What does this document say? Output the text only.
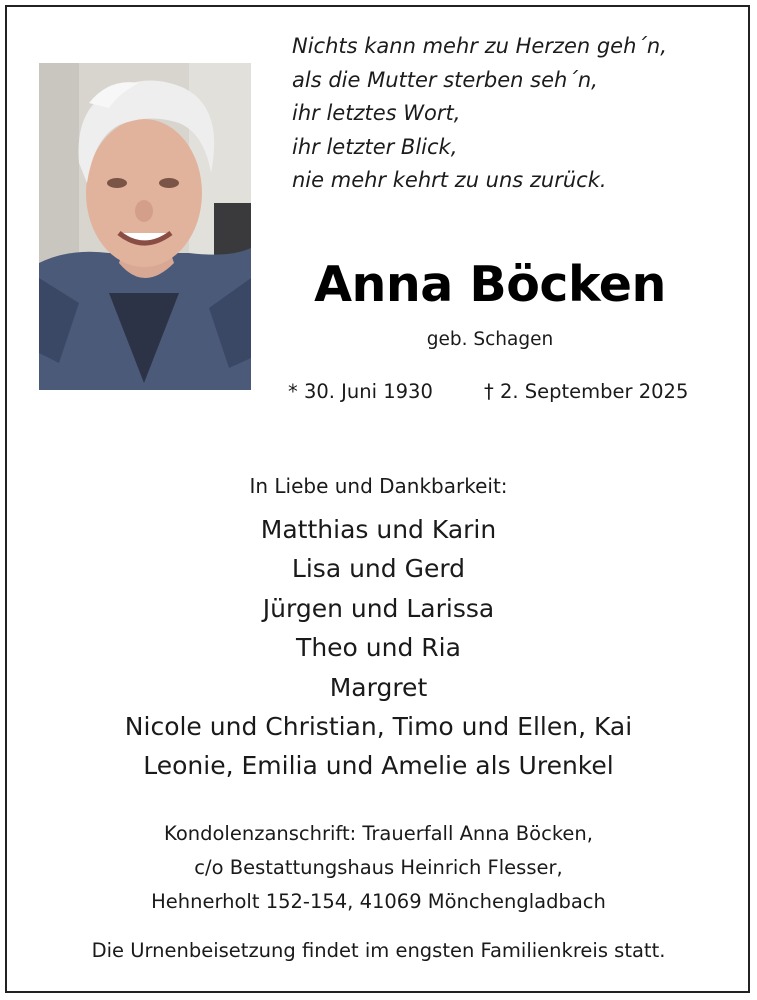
Nichts kann mehr zu Herzen geh´n,
als die Mutter sterben seh´n,
ihr letztes Wort,
ihr letzter Blick,
nie mehr kehrt zu uns zurück.
Anna Böcken
geb. Schagen
* 30. Juni 1930	† 2. September 2025
In Liebe und Dankbarkeit:
Matthias und Karin
Lisa und Gerd
Jürgen und Larissa
Theo und Ria
Margret
Nicole und Christian, Timo und Ellen, Kai
Leonie, Emilia und Amelie als Urenkel
Kondolenzanschrift: Trauerfall Anna Böcken,
c/o Bestattungshaus Heinrich Flesser,
Hehnerholt 152-154, 41069 Mönchengladbach
Die Urnenbeisetzung findet im engsten Familienkreis statt.
